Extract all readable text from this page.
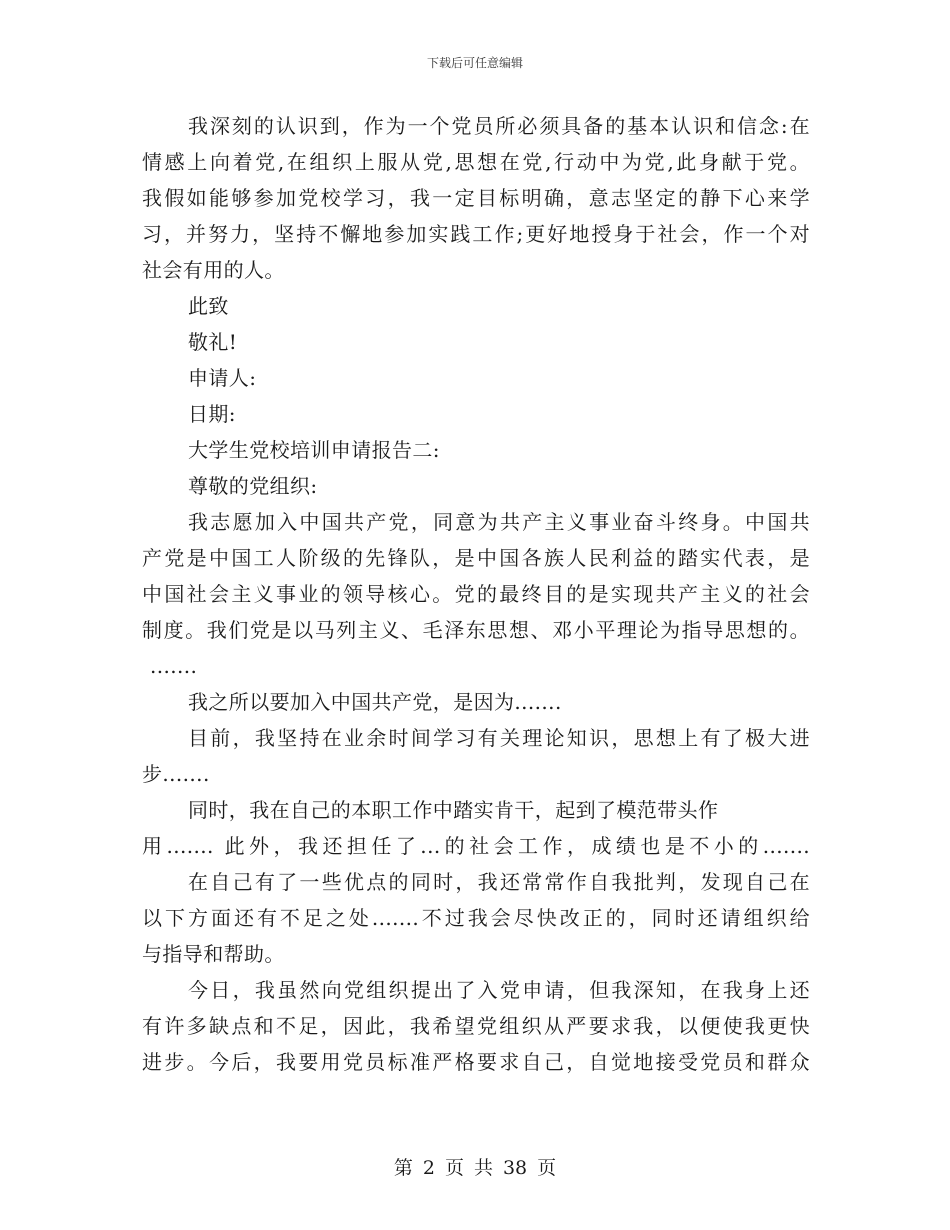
下载后可任意编辑
我深刻的认识到，作为一个党员所必须具备的基本认识和信念:在
情感上向着党,在组织上服从党,思想在党,行动中为党,此身献于党。
我假如能够参加党校学习，我一定目标明确，意志坚定的静下心来学
习，并努力，坚持不懈地参加实践工作;更好地授身于社会，作一个对
社会有用的人。
此致
敬礼!
申请人:
日期:
大学生党校培训申请报告二:
尊敬的党组织:
我志愿加入中国共产党，同意为共产主义事业奋斗终身。中国共
产党是中国工人阶级的先锋队，是中国各族人民利益的踏实代表，是
中国社会主义事业的领导核心。党的最终目的是实现共产主义的社会
制度。我们党是以马列主义、毛泽东思想、邓小平理论为指导思想的。
.......
我之所以要加入中国共产党，是因为.......
目前，我坚持在业余时间学习有关理论知识，思想上有了极大进
步.......
同时，我在自己的本职工作中踏实肯干，起到了模范带头作
用....... 此外，我还担任了...的社会工作，成绩也是不小的.......
在自己有了一些优点的同时，我还常常作自我批判，发现自己在
以下方面还有不足之处.......不过我会尽快改正的，同时还请组织给
与指导和帮助。
今日，我虽然向党组织提出了入党申请，但我深知，在我身上还
有许多缺点和不足，因此，我希望党组织从严要求我，以便使我更快
进步。今后，我要用党员标准严格要求自己，自觉地接受党员和群众
第 2 页 共 38 页
